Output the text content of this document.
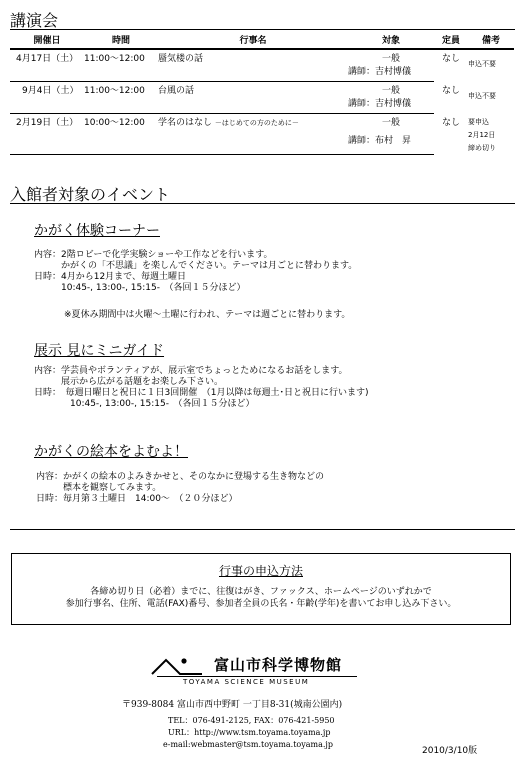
講演会
開催日	時間	行事名	対象	定員	備考
4月17日（土）	11:00～12:00	蜃気楼の話	一般	なし	申込不要
			講師：吉村博儀		
9月4日（土）	11:00～12:00	台風の話	一般	なし	申込不要
			講師：吉村博儀		
2月19日（土）	10:00～12:00	学名のはなし －はじめての方のために－	一般	なし	要申込
2月12日
締め切り
			講師：布村　昇		
入館者対象のイベント
かがく体験コーナー
内容：2階ロビーで化学実験ショーや工作などを行います。
　　　かがくの「不思議」を楽しんでください。テーマは月ごとに替わります。
日時：4月から12月まで、毎週土曜日
　　　10:45-, 13:00-, 15:15-　（各回１５分ほど）
※夏休み期間中は火曜～土曜に行われ、テーマは週ごとに替わります。
展示 見にミニガイド
内容：学芸員やボランティアが、展示室でちょっとためになるお話をします。
　　　展示から広がる話題をお楽しみ下さい。
日時：　毎週日曜日と祝日に１日3回開催　（1月以降は毎週土･日と祝日に行います)
　　　　10:45-, 13:00-, 15:15-　（各回１５分ほど）
かがくの絵本をよむよ！
内容：かがくの絵本のよみきかせと、そのなかに登場する生き物などの
　　　標本を観察してみます。
日時：毎月第３土曜日　14:00～　（２０分ほど）
行事の申込方法
各締め切り日（必着）までに、往復はがき、ファックス、ホームページのいずれかで
参加行事名、住所、電話(FAX)番号、参加者全員の氏名・年齢(学年)を書いてお申し込み下さい。
富山市科学博物館
TOYAMA SCIENCE MUSEUM
〒939-8084 富山市西中野町 一丁目8-31(城南公園内)
TEL：076-491-2125, FAX：076-421-5950
URL：http://www.tsm.toyama.toyama.jp
e-mail:webmaster@tsm.toyama.toyama.jp
2010/3/10版
